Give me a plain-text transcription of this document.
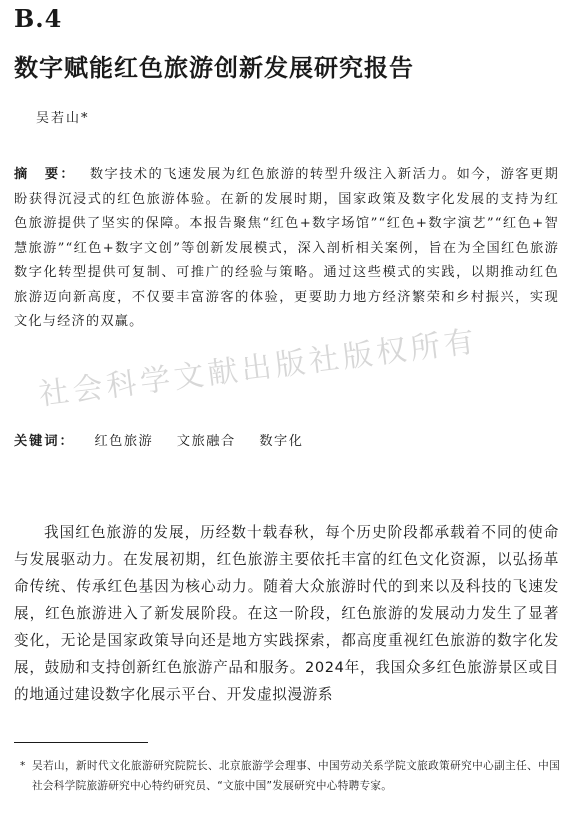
B.4
数字赋能红色旅游创新发展研究报告
吴若山*
摘　要： 数字技术的飞速发展为红色旅游的转型升级注入新活力。如今，游客更期盼获得沉浸式的红色旅游体验。在新的发展时期，国家政策及数字化发展的支持为红色旅游提供了坚实的保障。本报告聚焦“红色+数字场馆”“红色+数字演艺”“红色+智慧旅游”“红色+数字文创”等创新发展模式，深入剖析相关案例，旨在为全国红色旅游数字化转型提供可复制、可推广的经验与策略。通过这些模式的实践，以期推动红色旅游迈向新高度，不仅要丰富游客的体验，更要助力地方经济繁荣和乡村振兴，实现文化与经济的双赢。
关键词： 红色旅游 文旅融合 数字化
我国红色旅游的发展，历经数十载春秋，每个历史阶段都承载着不同的使命与发展驱动力。在发展初期，红色旅游主要依托丰富的红色文化资源，以弘扬革命传统、传承红色基因为核心动力。随着大众旅游时代的到来以及科技的飞速发展，红色旅游进入了新发展阶段。在这一阶段，红色旅游的发展动力发生了显著变化，无论是国家政策导向还是地方实践探索，都高度重视红色旅游的数字化发展，鼓励和支持创新红色旅游产品和服务。2024年，我国众多红色旅游景区或目的地通过建设数字化展示平台、开发虚拟漫游系
* 吴若山，新时代文化旅游研究院院长、北京旅游学会理事、中国劳动关系学院文旅政策研究中心副主任、中国社会科学院旅游研究中心特约研究员、“文旅中国”发展研究中心特聘专家。
社会科学文献出版社版权所有
